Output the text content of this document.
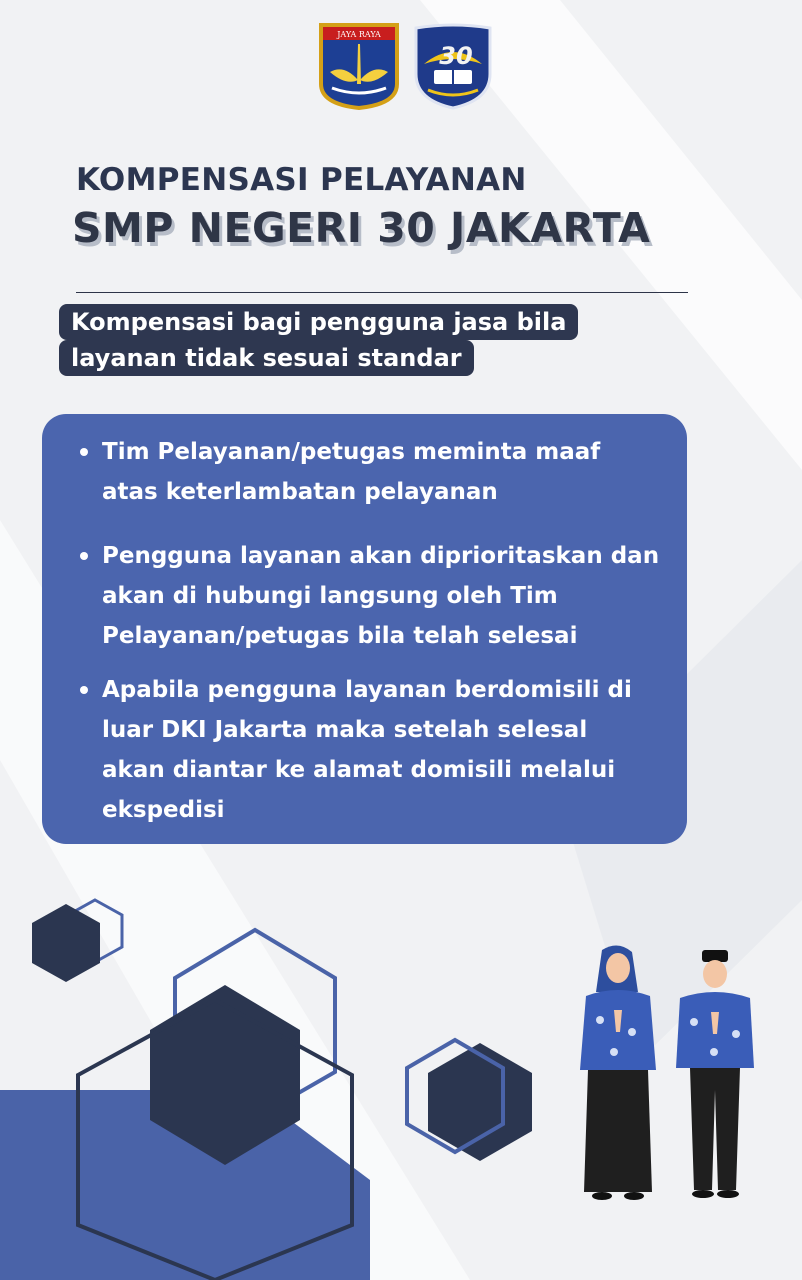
JAYA RAYA
30
KOMPENSASI PELAYANAN
SMP NEGERI 30 JAKARTA
Kompensasi bagi pengguna jasa bila
layanan tidak sesuai standar
Tim Pelayanan/petugas meminta maaf
atas keterlambatan pelayanan
Pengguna layanan akan diprioritaskan dan
akan di hubungi langsung oleh Tim
Pelayanan/petugas bila telah selesai
Apabila pengguna layanan berdomisili di
luar DKI Jakarta maka setelah selesal
akan diantar ke alamat domisili melalui
ekspedisi
